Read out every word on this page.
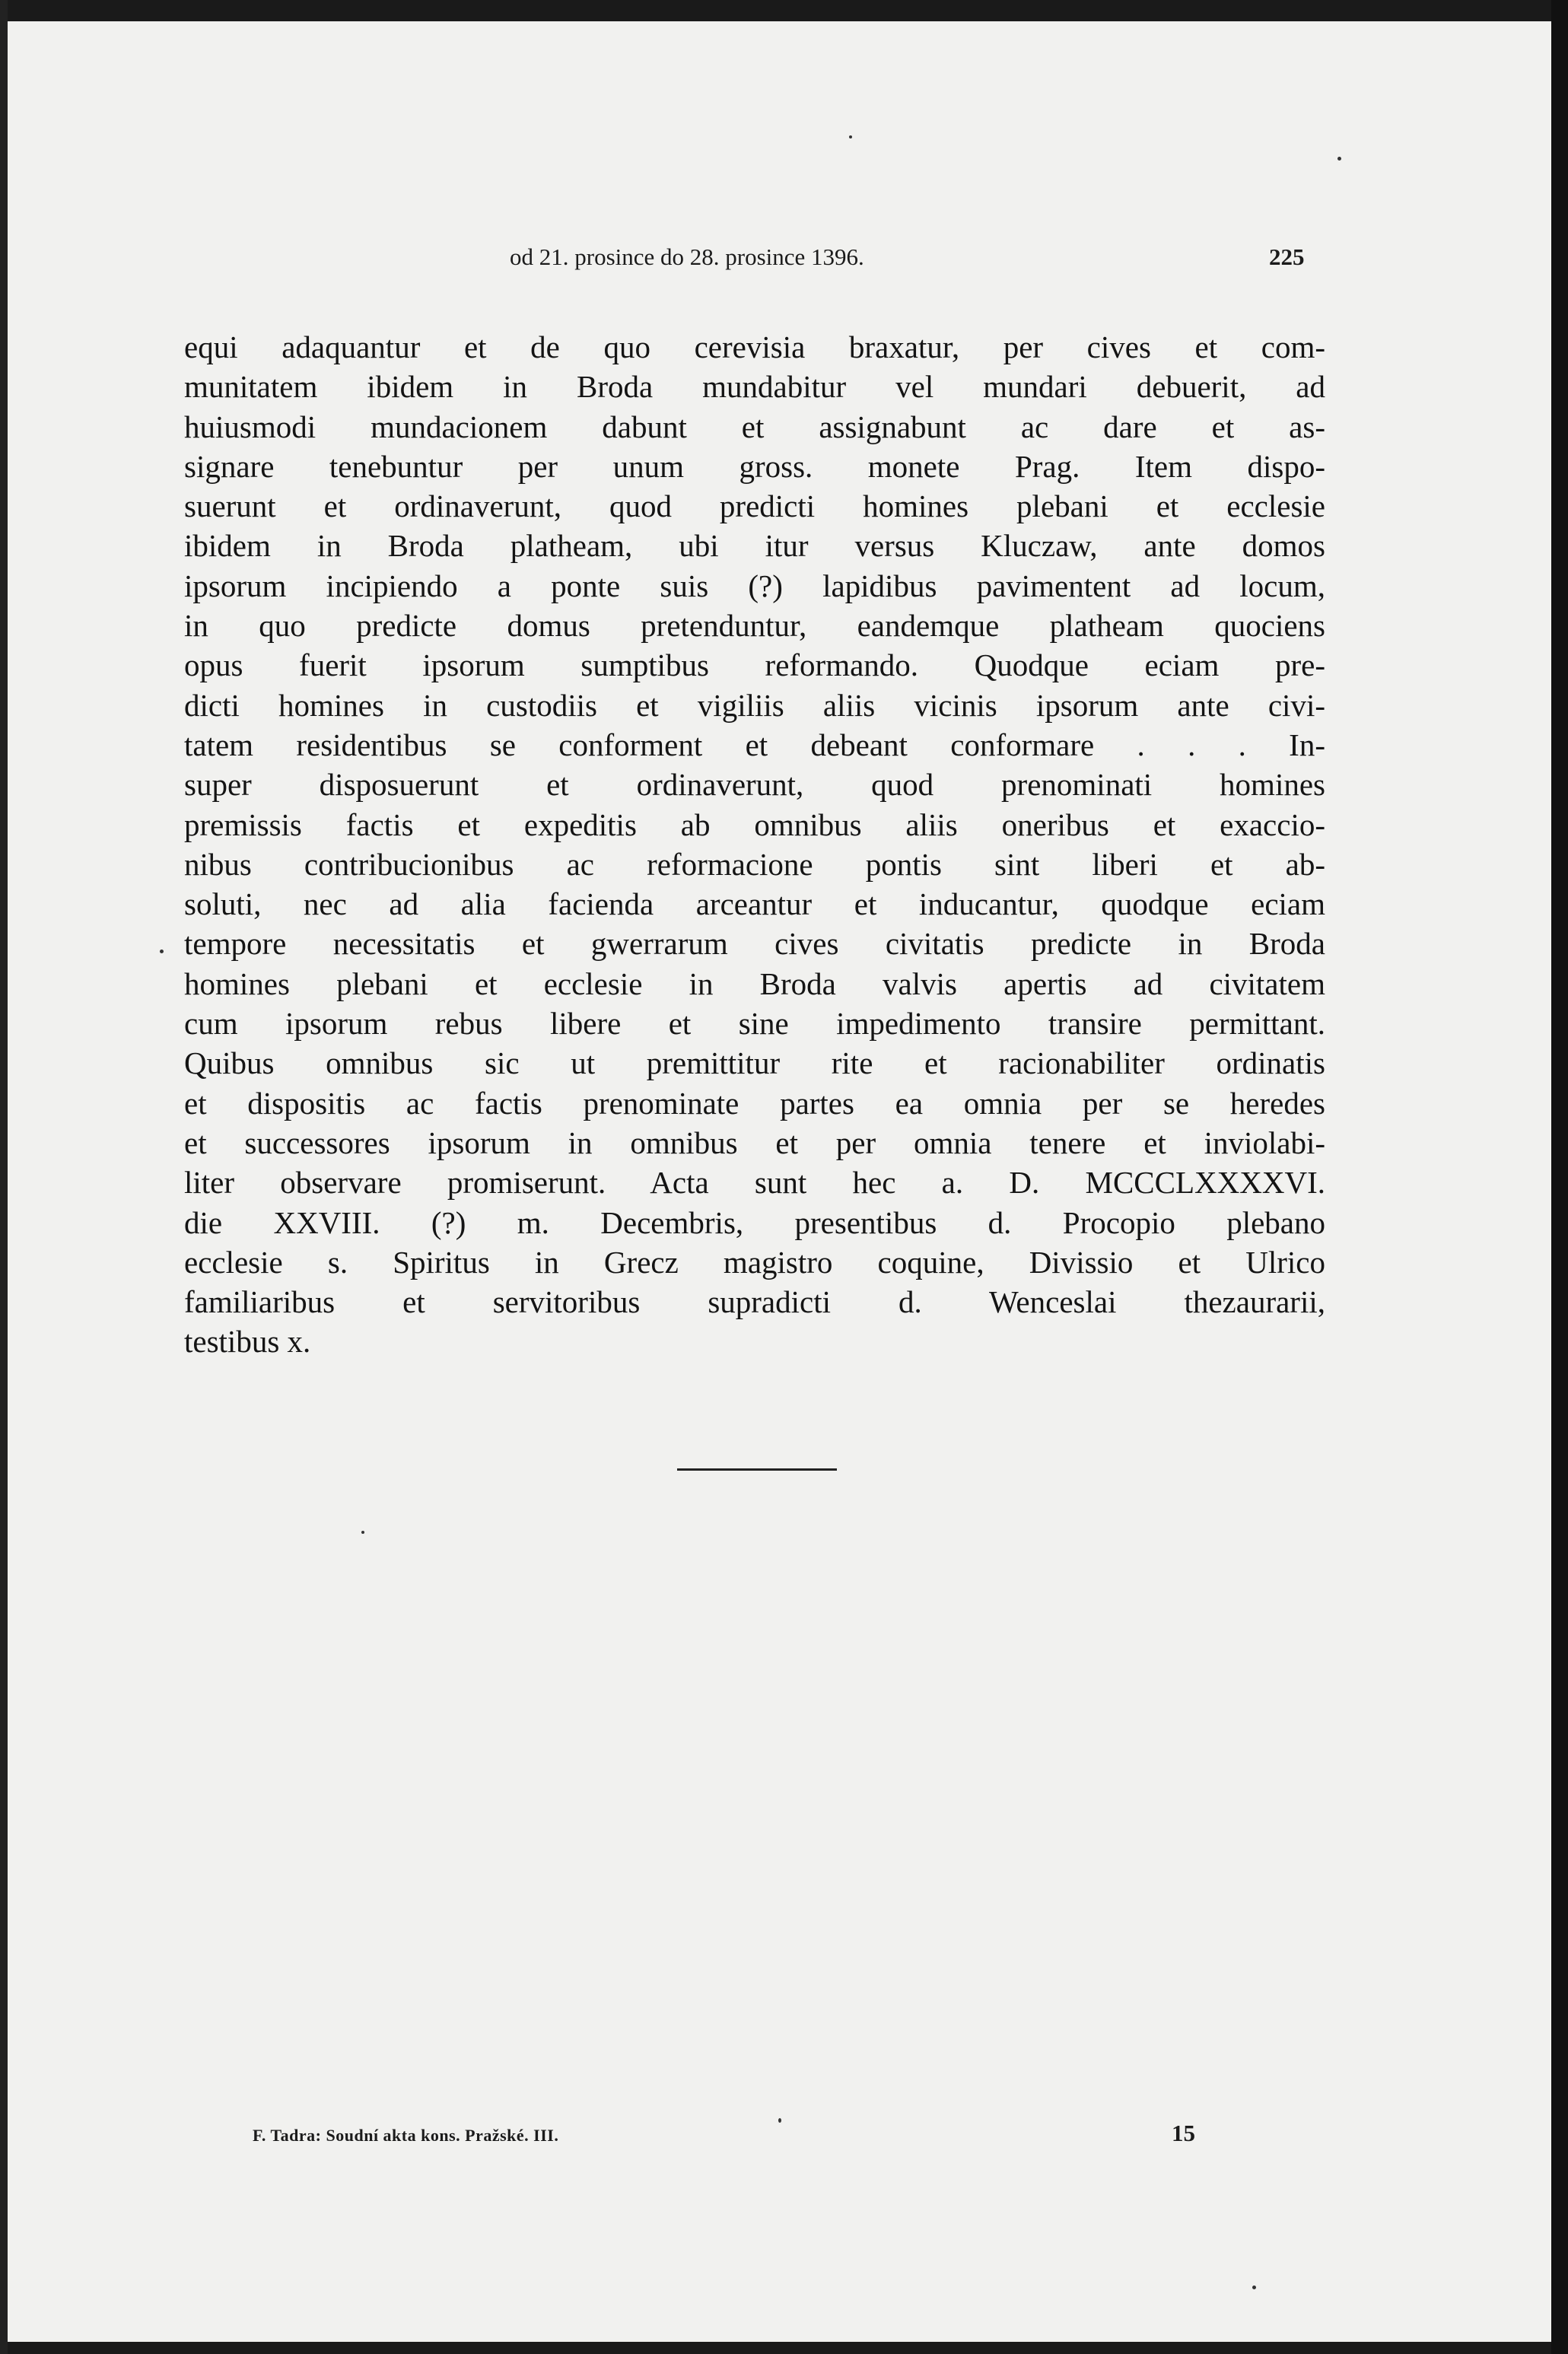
od 21. prosince do 28. prosince 1396.	225
equi adaquantur et de quo cerevisia braxatur, per cives et com-
munitatem ibidem in Broda mundabitur vel mundari debuerit, ad
huiusmodi mundacionem dabunt et assignabunt ac dare et as-
signare tenebuntur per unum gross. monete Prag. Item dispo-
suerunt et ordinaverunt, quod predicti homines plebani et ecclesie
ibidem in Broda platheam, ubi itur versus Kluczaw, ante domos
ipsorum incipiendo a ponte suis (?) lapidibus pavimentent ad locum,
in quo predicte domus pretenduntur, eandemque platheam quociens
opus fuerit ipsorum sumptibus reformando. Quodque eciam pre-
dicti homines in custodiis et vigiliis aliis vicinis ipsorum ante civi-
tatem residentibus se conforment et debeant conformare . . . In-
super disposuerunt et ordinaverunt, quod prenominati homines
premissis factis et expeditis ab omnibus aliis oneribus et exaccio-
nibus contribucionibus ac reformacione pontis sint liberi et ab-
soluti, nec ad alia facienda arceantur et inducantur, quodque eciam
tempore necessitatis et gwerrarum cives civitatis predicte in Broda
homines plebani et ecclesie in Broda valvis apertis ad civitatem
cum ipsorum rebus libere et sine impedimento transire permittant.
Quibus omnibus sic ut premittitur rite et racionabiliter ordinatis
et dispositis ac factis prenominate partes ea omnia per se heredes
et successores ipsorum in omnibus et per omnia tenere et inviolabi-
liter observare promiserunt. Acta sunt hec a. D. MCCCLXXXXVI.
die XXVIII. (?) m. Decembris, presentibus d. Procopio plebano
ecclesie s. Spiritus in Grecz magistro coquine, Divissio et Ulrico
familiaribus et servitoribus supradicti d. Wenceslai thezaurarii,
testibus x.
F. Tadra: Soudní akta kons. Pražské. III.	15
